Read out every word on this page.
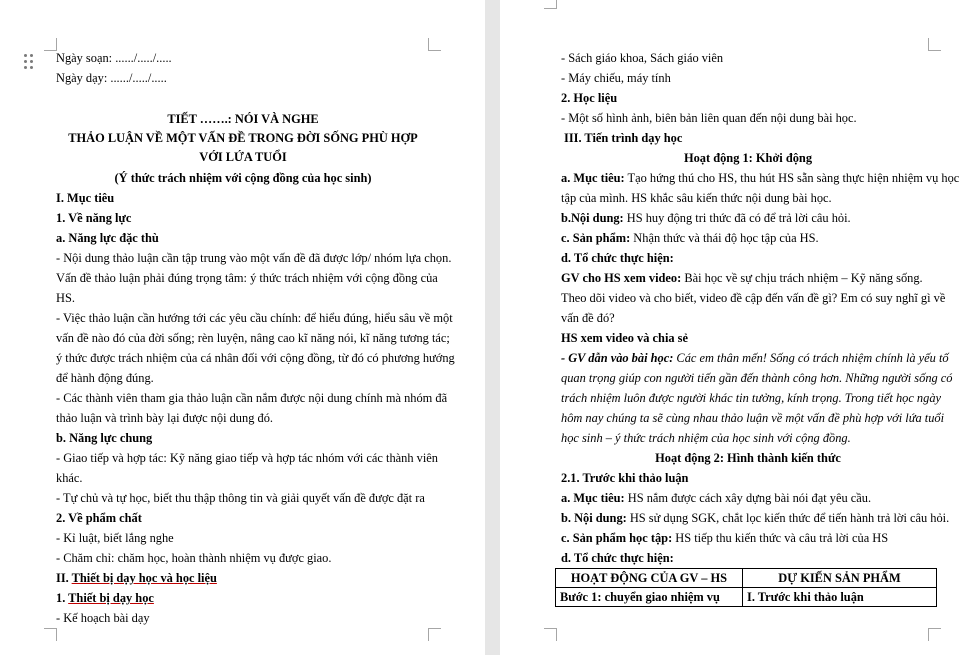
Ngày soạn: ....../...../.....
Ngày dạy: ....../...../.....
TIẾT …….: NÓI VÀ NGHE
THẢO LUẬN VỀ MỘT VẤN ĐỀ TRONG ĐỜI SỐNG PHÙ HỢP
VỚI LỨA TUỔI
(Ý thức trách nhiệm với cộng đồng của học sinh)
I. Mục tiêu
1. Về năng lực
a. Năng lực đặc thù
- Nội dung thảo luận cần tập trung vào một vấn đề đã được lớp/ nhóm lựa chọn.
Vấn đề thảo luận phải đúng trọng tâm: ý thức trách nhiệm với cộng đồng của
HS.
- Việc thảo luận cần hướng tới các yêu cầu chính: để hiểu đúng, hiểu sâu về một
vấn đề nào đó của đời sống; rèn luyện, nâng cao kĩ năng nói, kĩ năng tương tác;
ý thức được trách nhiệm của cá nhân đối với cộng đồng, từ đó có phương hướng
để hành động đúng.
- Các thành viên tham gia thảo luận cần nắm được nội dung chính mà nhóm đã
thảo luận và trình bày lại được nội dung đó.
b. Năng lực chung
- Giao tiếp và hợp tác: Kỹ năng giao tiếp và hợp tác nhóm với các thành viên
khác.
- Tự chủ và tự học, biết thu thập thông tin và giải quyết vấn đề được đặt ra
2. Về phẩm chất
- Kỉ luật, biết lắng nghe
- Chăm chỉ: chăm học, hoàn thành nhiệm vụ được giao.
II. Thiết bị dạy học và học liệu
1. Thiết bị dạy học
- Kế hoạch bài dạy
- Sách giáo khoa, Sách giáo viên
- Máy chiếu, máy tính
2. Học liệu
- Một số hình ảnh, biên bản liên quan đến nội dung bài học.
III. Tiến trình dạy học
Hoạt động 1: Khởi động
a. Mục tiêu: Tạo hứng thú cho HS, thu hút HS sẵn sàng thực hiện nhiệm vụ học
tập của mình. HS khắc sâu kiến thức nội dung bài học.
b.Nội dung: HS huy động tri thức đã có để trả lời câu hỏi.
c. Sản phẩm: Nhận thức và thái độ học tập của HS.
d. Tổ chức thực hiện:
GV cho HS xem video: Bài học về sự chịu trách nhiệm – Kỹ năng sống.
Theo dõi video và cho biết, video đề cập đến vấn đề gì? Em có suy nghĩ gì về
vấn đề đó?
HS xem video và chia sẻ
- GV dẫn vào bài học: Các em thân mến! Sống có trách nhiệm chính là yếu tố
quan trọng giúp con người tiến gần đến thành công hơn. Những người sống có
trách nhiệm luôn được người khác tin tưởng, kính trọng. Trong tiết học ngày
hôm nay chúng ta sẽ cùng nhau thảo luận về một vấn đề phù hợp với lứa tuổi
học sinh – ý thức trách nhiệm của học sinh với cộng đồng.
Hoạt động 2: Hình thành kiến thức
2.1. Trước khi thảo luận
a. Mục tiêu: HS nắm được cách xây dựng bài nói đạt yêu cầu.
b. Nội dung: HS sử dụng SGK, chắt lọc kiến thức để tiến hành trả lời câu hỏi.
c. Sản phẩm học tập: HS tiếp thu kiến thức và câu trả lời của HS
d. Tổ chức thực hiện:
HOẠT ĐỘNG CỦA GV – HS	DỰ KIẾN SẢN PHẨM
Bước 1: chuyển giao nhiệm vụ	I. Trước khi thảo luận
